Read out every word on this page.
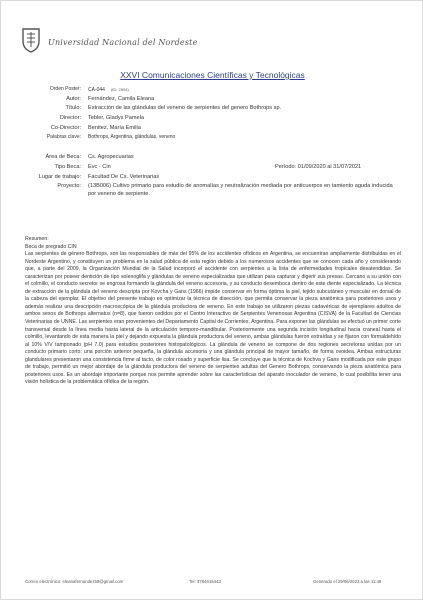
Universidad Nacional del Nordeste
XXVI Comunicaciones Científicas y Tecnológicas
Orden Poster: CA-044 (ID: 2904)
Autor: Fernández, Camila Eleana
Título: Extracción de las glándulas del veneno de serpientes del genero Bothrops sp.
Director: Tebler, Gladys Pamela
Co-Director: Benitez, María Emilia
Palabras clave: Bothrops, Argentina, glándulas, veneno
Área de Beca: Cs. Agropecuarias
Tipo Beca: Evc - Cin	Período: 01/09/2020 al 31/07/2021
Lugar de trabajo: Facultad De Cs. Veterinarias
Proyecto: (13B006) Cultivo primario para estudio de anomalías y neutralización mediada por anticuerpos en tamiento aguda inducida por veneno de serpiente.
Resumen:
Beca de pregrado CIN

Las serpientes de género Bothrops, son las responsables de más del 95% de los accidentes ofídicos en Argentina, se encuentran ampliamente distribuidas en el Nordeste Argentino, y constituyen un problema en la salud pública de esta región debido a los numerosos accidentes que se conocen cada año y considerando que, a parte del 2009, la Organización Mundial de la Salud incorporó el accidente con serpientes a la lista de enfermedades tropicales desatendidas. Se caracterizan por poseer dentición de tipo solenoglifa y glándulas de veneno especializadas que utilizan para capturar y digerir sus presas. Cercano a su unión con el colmillo, el conducto secretor se engrosa formando la glándula del veneno accesoria, y su conducto desemboca dentro de este diente especializado. La técnica de extracción de la glándula del veneno descripta por Kovcha y Gans (1966) impide conservar en forma óptima la piel, tejido subcutáneo y muscular en dorsal de la cabeza del ejemplar. El objetivo del presente trabajo es optimizar la técnica de disección, que permita conservar la pieza anatómica para posteriores usos y además realizar una descripción macroscópica de la glándula productora de veneno. En este trabajo se utilizaron piezas cadavéricas de ejemplares adultos de ambos sexos de Bothrops alternatus (n=8), que fueron cedidos por el Centro Interactivo de Serpientes Venenosas Argentina (CISVA) de la Facultad de Ciencias Veterinarias de UNNE. Las serpientes eran provenientes del Departamento Capital de Corrientes, Argentina. Para exponer las glándulas se efectuó un primer corte transversal desde la línea media hasta lateral de la articulación temporo-mandibular. Posteriormente una segunda incisión longitudinal hacia craneal hasta el colmillo, levantando de esta manera la piel y dejando expuesta la glándula productora del veneno, ambas glándulas fueron extraídas y se fijaron con formaldehído al 10% V/V tamponado (pH 7.0) para estudios posteriores histopatológicos. La glándula de veneno se compone de dos regiones secretoras unidas por un conducto primario corto; una porción anterior pequeña, la glándula accesoria y una glándula principal de mayor tamaño, de forma ovoidea. Ambas estructuras glandulares presentaron una consistencia firme al tacto, de color rosado y superficie lisa. Se concluye que la técnica de Kochva y Gans modificada por este grupo de trabajo, permitió un mejor abordaje de la glándula productora del veneno de serpientes adultas del Genero Bothrops, conservando la pieza anatómica para posteriores usos. Es un abordaje importante porque nos permite aprender sobre las características del aparato inoculador de veneno, lo cual posibilita tener una visión holística de la problemática ofídica de la región.

Correo electrónico: eleanafernandez59@gmail.com	Tel: 3784615443	Generado el 29/06/2023 a las 11:49
